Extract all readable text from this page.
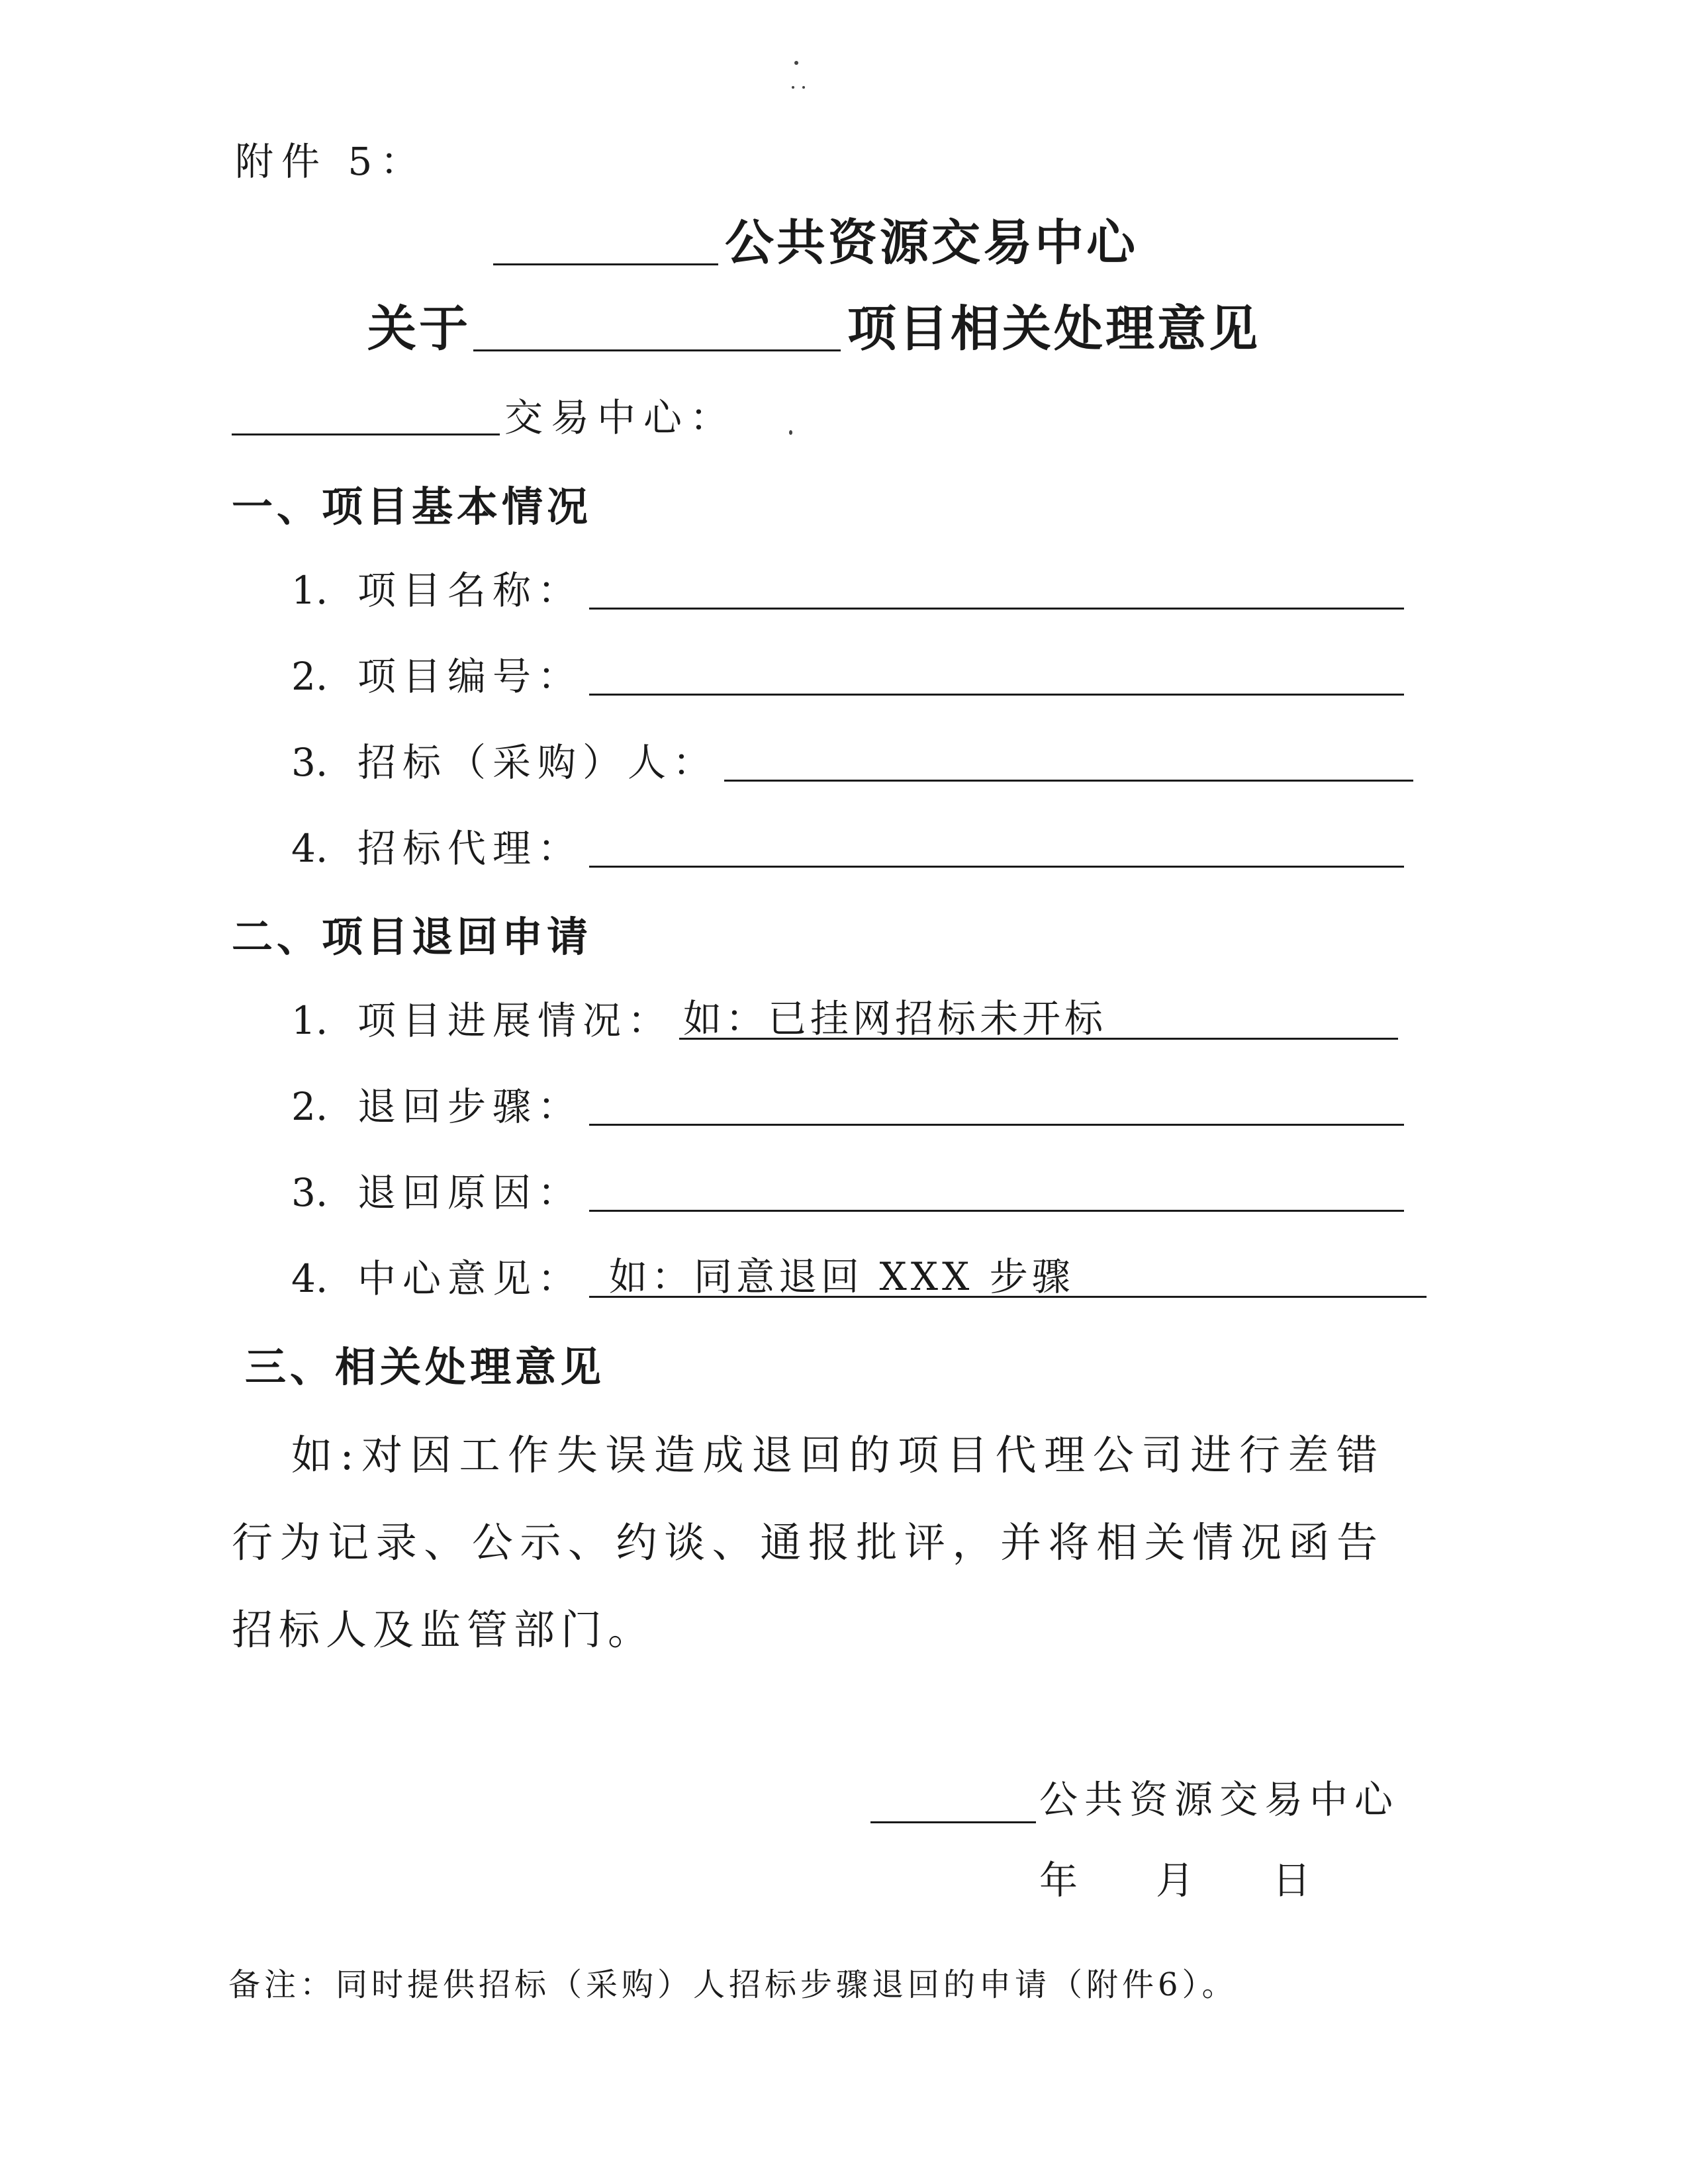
附件 5：
公共资源交易中心
关于	项目相关处理意见
交易中心：
一、项目基本情况
1. 项目名称：
2. 项目编号：
3. 招标（采购）人：
4. 招标代理：
二、项目退回申请
1. 项目进展情况： 如：已挂网招标未开标
2. 退回步骤：
3. 退回原因：
4. 中心意见： 如：同意退回 XXX 步骤
三、相关处理意见
如:对因工作失误造成退回的项目代理公司进行差错行为记录、公示、约谈、通报批评，并将相关情况函告招标人及监管部门。
公共资源交易中心
年　月　日
备注：同时提供招标（采购）人招标步骤退回的申请（附件6）。
